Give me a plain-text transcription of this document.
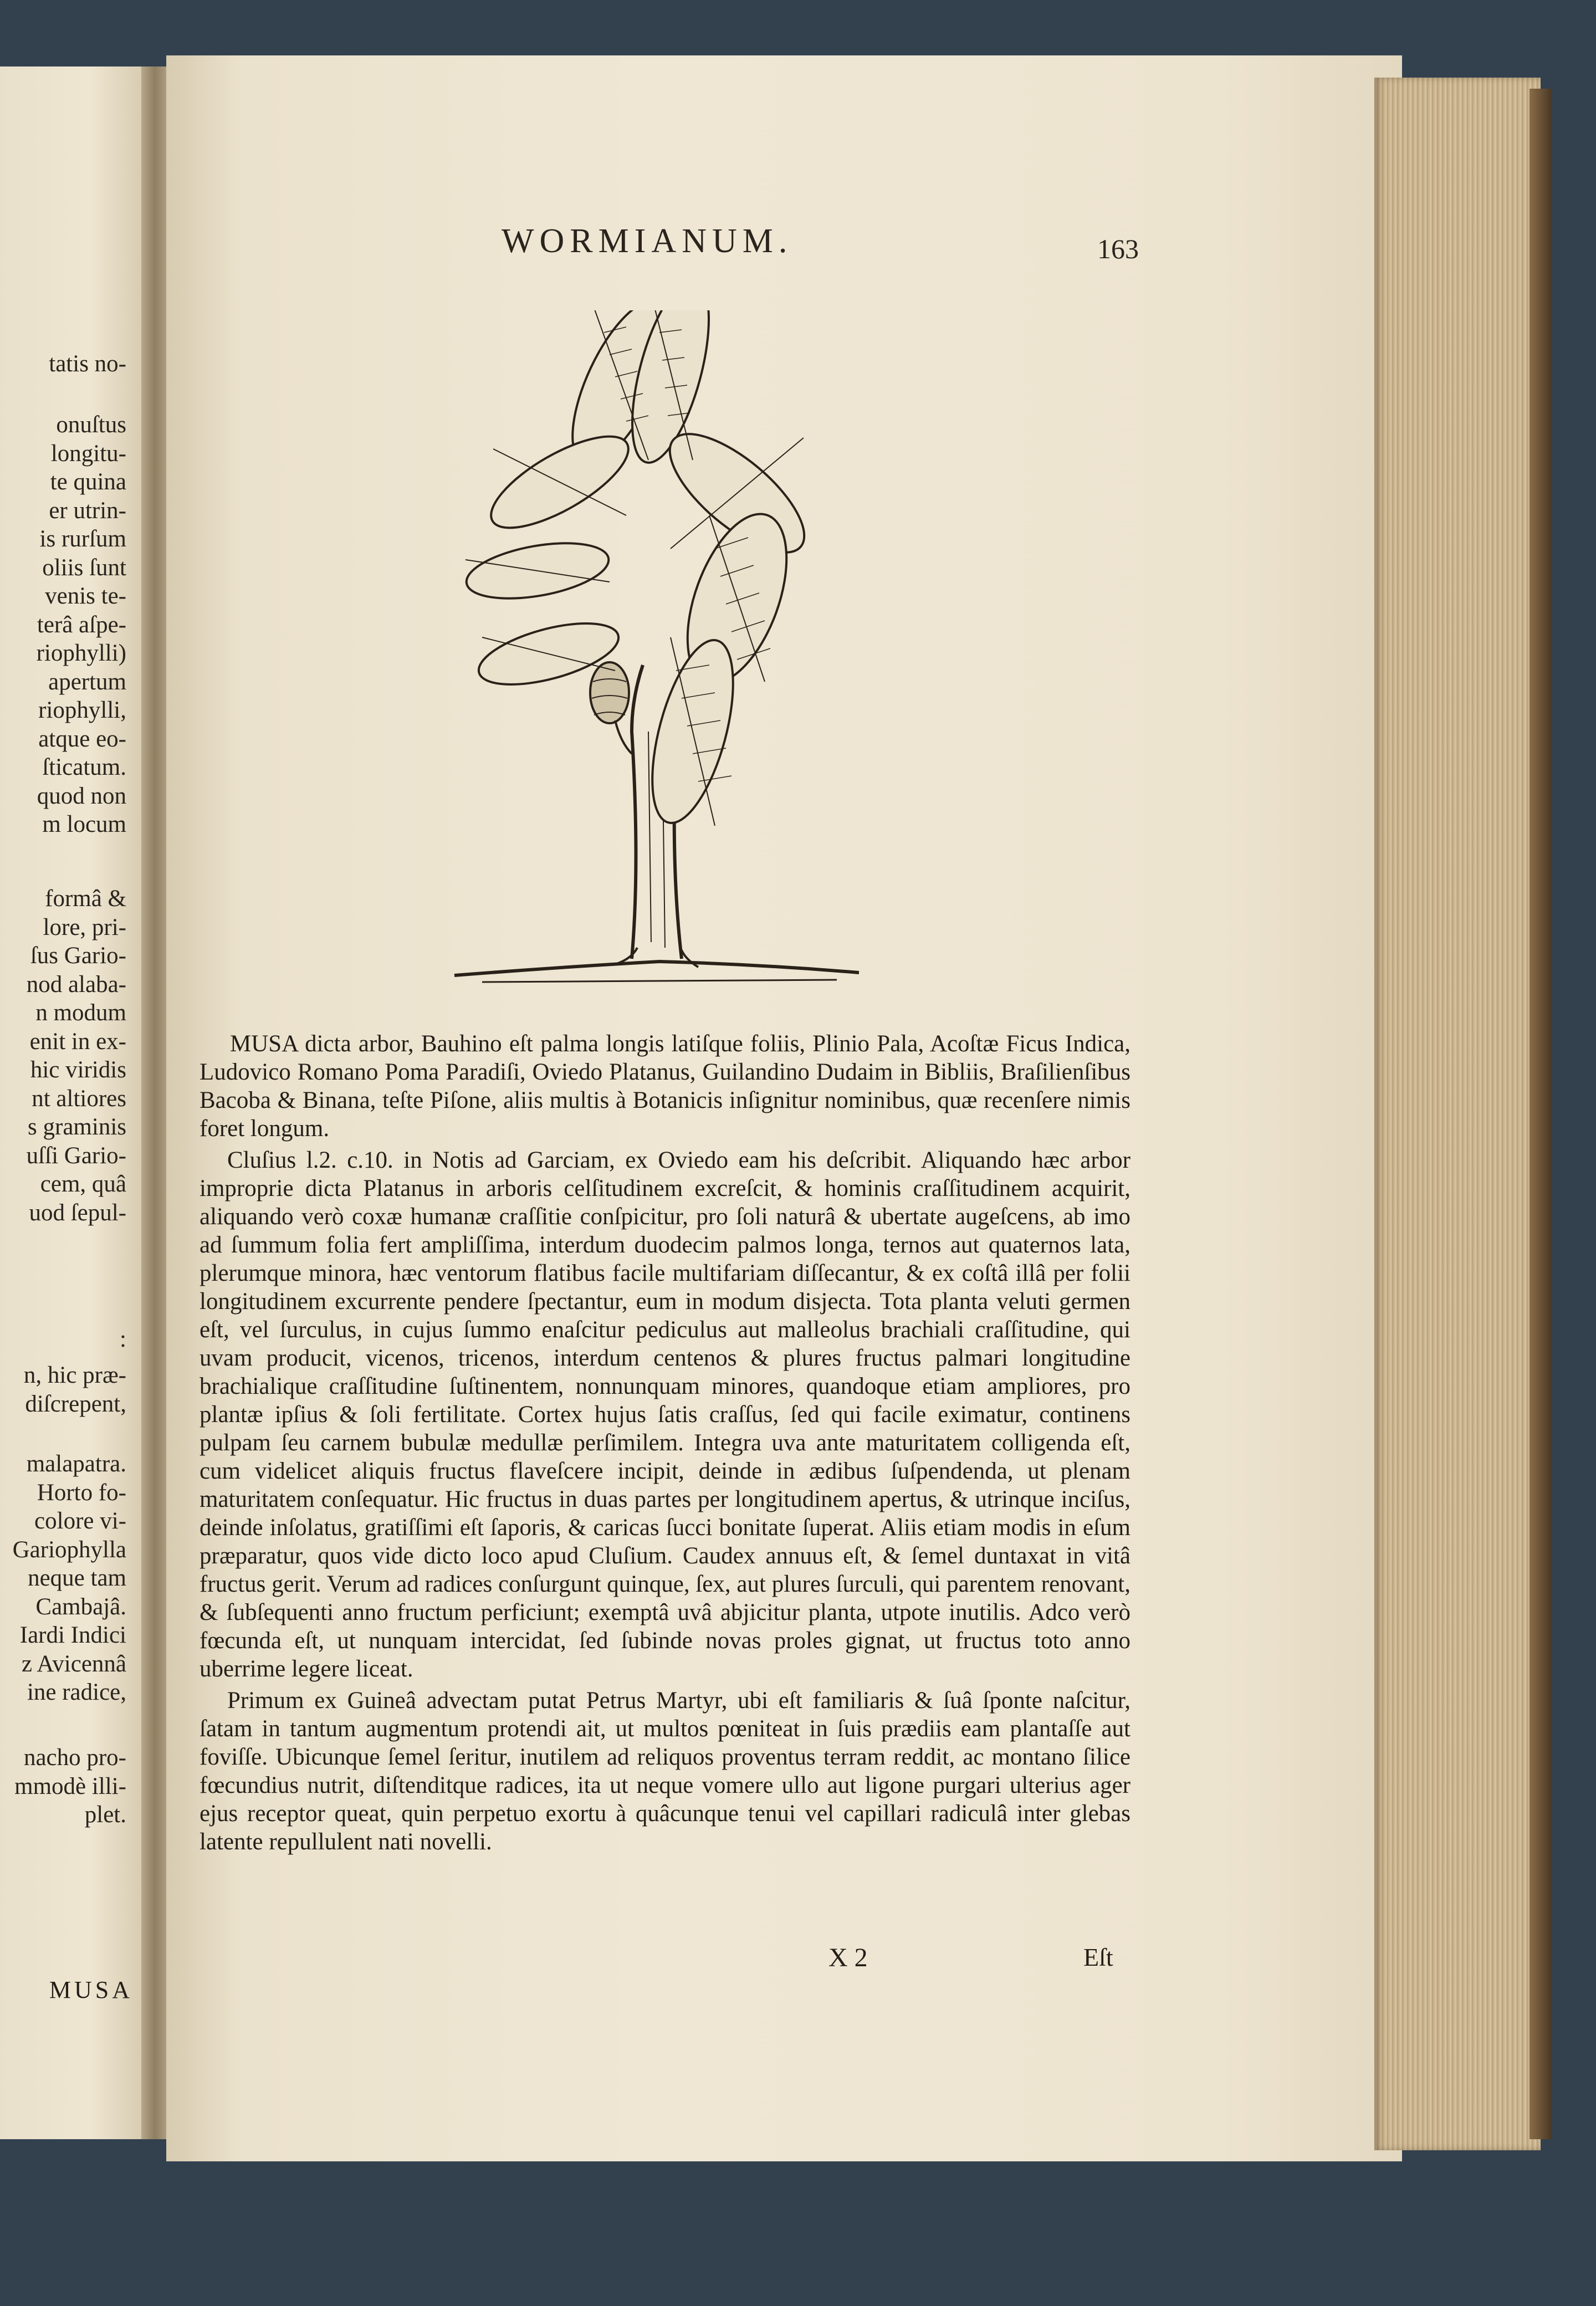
tatis no-
onuſtus
longitu-
te quina
er utrin-
is rurſum
oliis ſunt
venis te-
terâ aſpe-
riophylli)
apertum
riophylli,
atque eo-
ſticatum.
quod non
m locum
formâ &
lore, pri-
ſus Gario-
nod alaba-
n modum
enit in ex-
hic viridis
nt altiores
s graminis
uſſi Gario-
cem, quâ
uod ſepul-
:
n, hic præ-
diſcrepent,
malapatra.
Horto fo-
colore vi-
Gariophylla
neque tam
Cambajâ.
Iardi Indici
z Avicennâ
ine radice,
nacho pro-
mmodè illi-
plet.
MUSA
WORMIANUM.	163

MUSA dicta arbor, Bauhino eſt palma longis latiſque foliis, Plinio Pala, Acoſtæ Ficus Indica, Ludovico Romano Poma Paradiſi, Oviedo Platanus, Guilandino Dudaim in Bibliis, Braſilienſibus Bacoba & Binana, teſte Piſone, aliis multis à Botanicis inſignitur nominibus, quæ recenſere nimis foret longum.

Cluſius l.2. c.10. in Notis ad Garciam, ex Oviedo eam his deſcribit. Aliquando hæc arbor improprie dicta Platanus in arboris celſitudinem excreſcit, & hominis craſſitudinem acquirit, aliquando verò coxæ humanæ craſſitie conſpicitur, pro ſoli naturâ & ubertate augeſcens, ab imo ad ſummum folia fert ampliſſima, interdum duodecim palmos longa, ternos aut quaternos lata, plerumque minora, hæc ventorum flatibus facile multifariam diſſecantur, & ex coſtâ illâ per folii longitudinem excurrente pendere ſpectantur, eum in modum disjecta. Tota planta veluti germen eſt, vel ſurculus, in cujus ſummo enaſcitur pediculus aut malleolus brachiali craſſitudine, qui uvam producit, vicenos, tricenos, interdum centenos & plures fructus palmari longitudine brachialique craſſitudine ſuſtinentem, nonnunquam minores, quandoque etiam ampliores, pro plantæ ipſius & ſoli fertilitate. Cortex hujus ſatis craſſus, ſed qui facile eximatur, continens pulpam ſeu carnem bubulæ medullæ perſimilem. Integra uva ante maturitatem colligenda eſt, cum videlicet aliquis fructus flaveſcere incipit, deinde in ædibus ſuſpendenda, ut plenam maturitatem conſequatur. Hic fructus in duas partes per longitudinem apertus, & utrinque inciſus, deinde inſolatus, gratiſſimi eſt ſaporis, & caricas ſucci bonitate ſuperat. Aliis etiam modis in eſum præparatur, quos vide dicto loco apud Cluſium. Caudex annuus eſt, & ſemel duntaxat in vitâ fructus gerit. Verum ad radices conſurgunt quinque, ſex, aut plures ſurculi, qui parentem renovant, & ſubſequenti anno fructum perficiunt; exemptâ uvâ abjicitur planta, utpote inutilis. Adco verò fœcunda eſt, ut nunquam intercidat, ſed ſubinde novas proles gignat, ut fructus toto anno uberrime legere liceat.

Primum ex Guineâ advectam putat Petrus Martyr, ubi eſt familiaris & ſuâ ſponte naſcitur, ſatam in tantum augmentum protendi ait, ut multos pœniteat in ſuis prædiis eam plantaſſe aut foviſſe. Ubicunque ſemel ſeritur, inutilem ad reliquos proventus terram reddit, ac montano ſilice fœcundius nutrit, diſtenditque radices, ita ut neque vomere ullo aut ligone purgari ulterius ager ejus receptor queat, quin perpetuo exortu à quâcunque tenui vel capillari radiculâ inter glebas latente repullulent nati novelli.

X 2	Eſt
